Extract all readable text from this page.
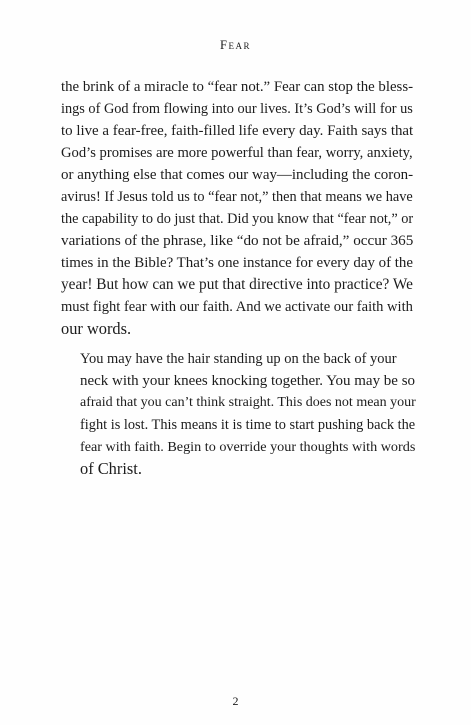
Fear

the brink of a miracle to “fear not.” Fear can stop the bless-
ings of God from flowing into our lives. It’s God’s will for us
to live a fear-free, faith-filled life every day. Faith says that
God’s promises are more powerful than fear, worry, anxiety,
or anything else that comes our way—including the coron-
avirus! If Jesus told us to “fear not,” then that means we have
the capability to do just that. Did you know that “fear not,” or
variations of the phrase, like “do not be afraid,” occur 365
times in the Bible? That’s one instance for every day of the
year! But how can we put that directive into practice? We
must fight fear with our faith. And we activate our faith with
our words.

You may have the hair standing up on the back of your
neck with your knees knocking together. You may be so
afraid that you can’t think straight. This does not mean your
fight is lost. This means it is time to start pushing back the
fear with faith. Begin to override your thoughts with words
of Christ.

2
